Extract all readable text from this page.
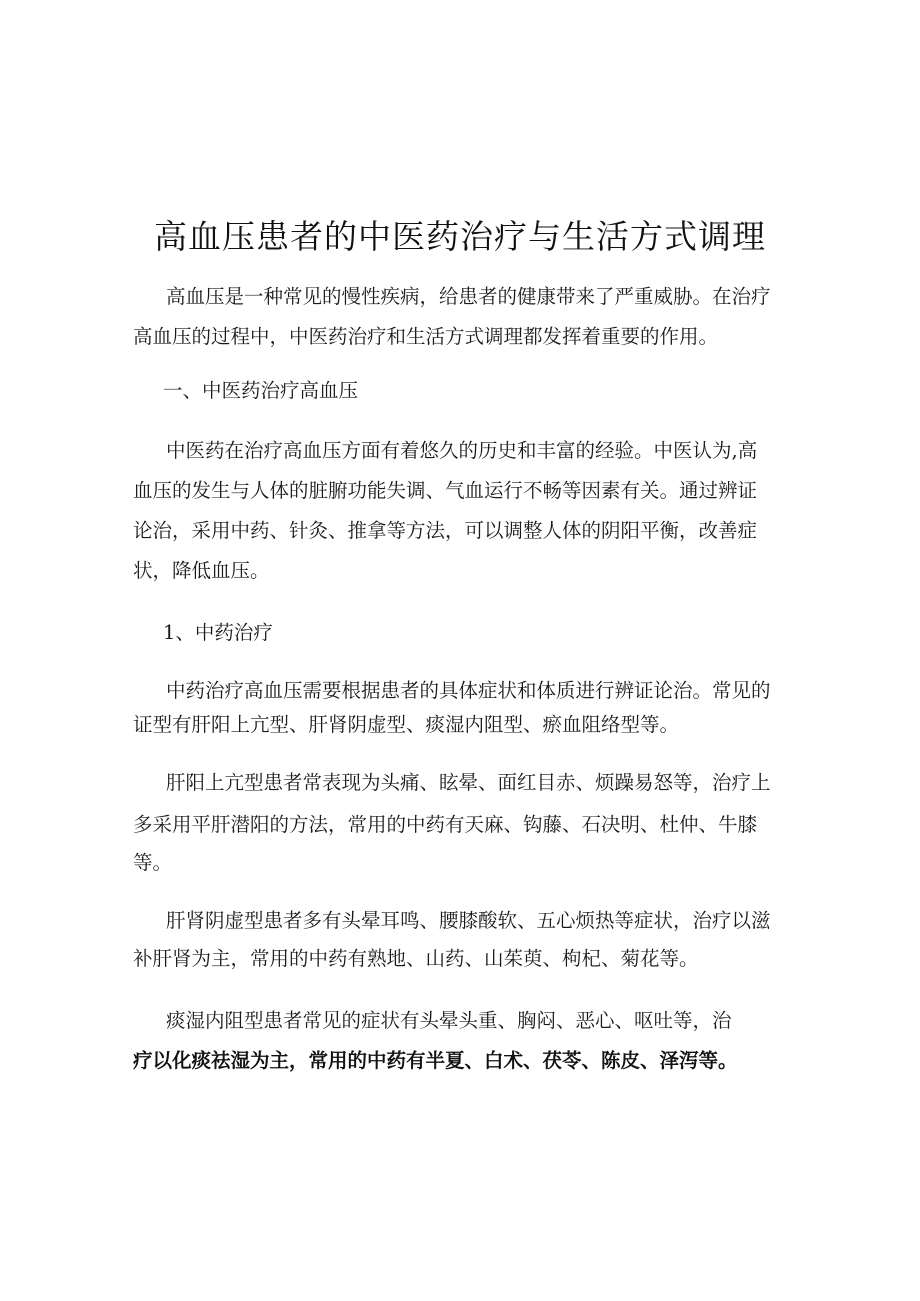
高血压患者的中医药治疗与生活方式调理
高血压是一种常见的慢性疾病，给患者的健康带来了严重威胁。在治疗
高血压的过程中，中医药治疗和生活方式调理都发挥着重要的作用。
一、中医药治疗高血压
中医药在治疗高血压方面有着悠久的历史和丰富的经验。中医认为,高
血压的发生与人体的脏腑功能失调、气血运行不畅等因素有关。通过辨证
论治，采用中药、针灸、推拿等方法，可以调整人体的阴阳平衡，改善症
状，降低血压。
1、中药治疗
中药治疗高血压需要根据患者的具体症状和体质进行辨证论治。常见的
证型有肝阳上亢型、肝肾阴虚型、痰湿内阻型、瘀血阻络型等。
肝阳上亢型患者常表现为头痛、眩晕、面红目赤、烦躁易怒等，治疗上
多采用平肝潜阳的方法，常用的中药有天麻、钩藤、石决明、杜仲、牛膝
等。
肝肾阴虚型患者多有头晕耳鸣、腰膝酸软、五心烦热等症状，治疗以滋
补肝肾为主，常用的中药有熟地、山药、山茱萸、枸杞、菊花等。
痰湿内阻型患者常见的症状有头晕头重、胸闷、恶心、呕吐等，治
疗以化痰祛湿为主，常用的中药有半夏、白术、茯苓、陈皮、泽泻等。
